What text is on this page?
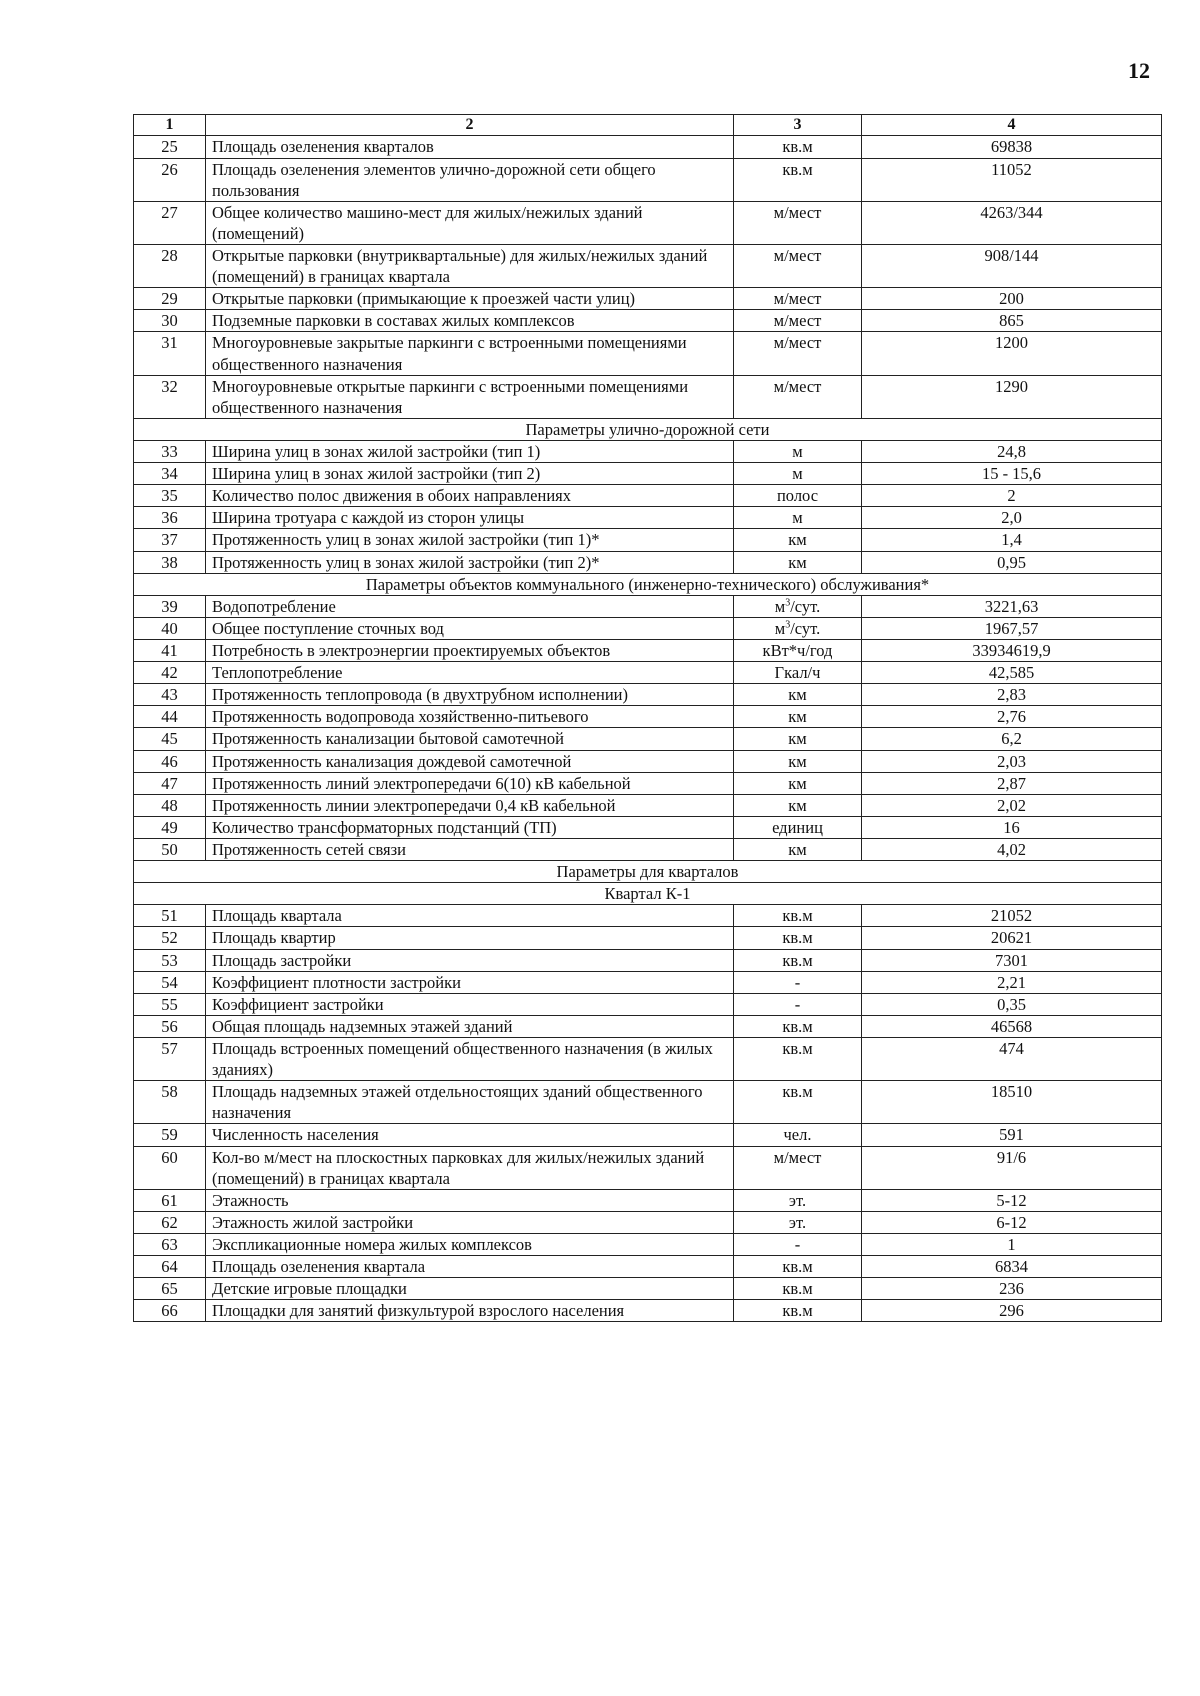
12
1	2	3	4
25	Площадь озеленения кварталов	кв.м	69838
26	Площадь озеленения элементов улично-дорожной сети общего пользования	кв.м	11052
27	Общее количество машино-мест для жилых/нежилых зданий (помещений)	м/мест	4263/344
28	Открытые парковки (внутриквартальные) для жилых/нежилых зданий (помещений) в границах квартала	м/мест	908/144
29	Открытые парковки (примыкающие к проезжей части улиц)	м/мест	200
30	Подземные парковки в составах жилых комплексов	м/мест	865
31	Многоуровневые закрытые паркинги с встроенными помещениями общественного назначения	м/мест	1200
32	Многоуровневые открытые паркинги с встроенными помещениями общественного назначения	м/мест	1290
Параметры улично-дорожной сети			
33	Ширина улиц в зонах жилой застройки (тип 1)	м	24,8
34	Ширина улиц в зонах жилой застройки (тип 2)	м	15 - 15,6
35	Количество полос движения в обоих направлениях	полос	2
36	Ширина тротуара с каждой из сторон улицы	м	2,0
37	Протяженность улиц в зонах жилой застройки (тип 1)*	км	1,4
38	Протяженность улиц в зонах жилой застройки (тип 2)*	км	0,95
Параметры объектов коммунального (инженерно-технического) обслуживания*			
39	Водопотребление	$м^3$/сут.	3221,63
40	Общее поступление сточных вод	$м^3$/сут.	1967,57
41	Потребность в электроэнергии проектируемых объектов	кВт*ч/год	33934619,9
42	Теплопотребление	Гкал/ч	42,585
43	Протяженность теплопровода (в двухтрубном исполнении)	км	2,83
44	Протяженность водопровода хозяйственно-питьевого	км	2,76
45	Протяженность канализации бытовой самотечной	км	6,2
46	Протяженность канализация дождевой самотечной	км	2,03
47	Протяженность линий электропередачи 6(10) кВ кабельной	км	2,87
48	Протяженность линии электропередачи 0,4 кВ кабельной	км	2,02
49	Количество трансформаторных подстанций (ТП)	единиц	16
50	Протяженность сетей связи	км	4,02
Параметры для кварталов			
Квартал К-1			
51	Площадь квартала	кв.м	21052
52	Площадь квартир	кв.м	20621
53	Площадь застройки	кв.м	7301
54	Коэффициент плотности застройки	-	2,21
55	Коэффициент застройки	-	0,35
56	Общая площадь надземных этажей зданий	кв.м	46568
57	Площадь встроенных помещений общественного назначения (в жилых зданиях)	кв.м	474
58	Площадь надземных этажей отдельностоящих зданий общественного назначения	кв.м	18510
59	Численность населения	чел.	591
60	Кол-во м/мест на плоскостных парковках для жилых/нежилых зданий (помещений) в границах квартала	м/мест	91/6
61	Этажность	эт.	5-12
62	Этажность жилой застройки	эт.	6-12
63	Экспликационные номера жилых комплексов	-	1
64	Площадь озеленения квартала	кв.м	6834
65	Детские игровые площадки	кв.м	236
66	Площадки для занятий физкультурой взрослого населения	кв.м	296
